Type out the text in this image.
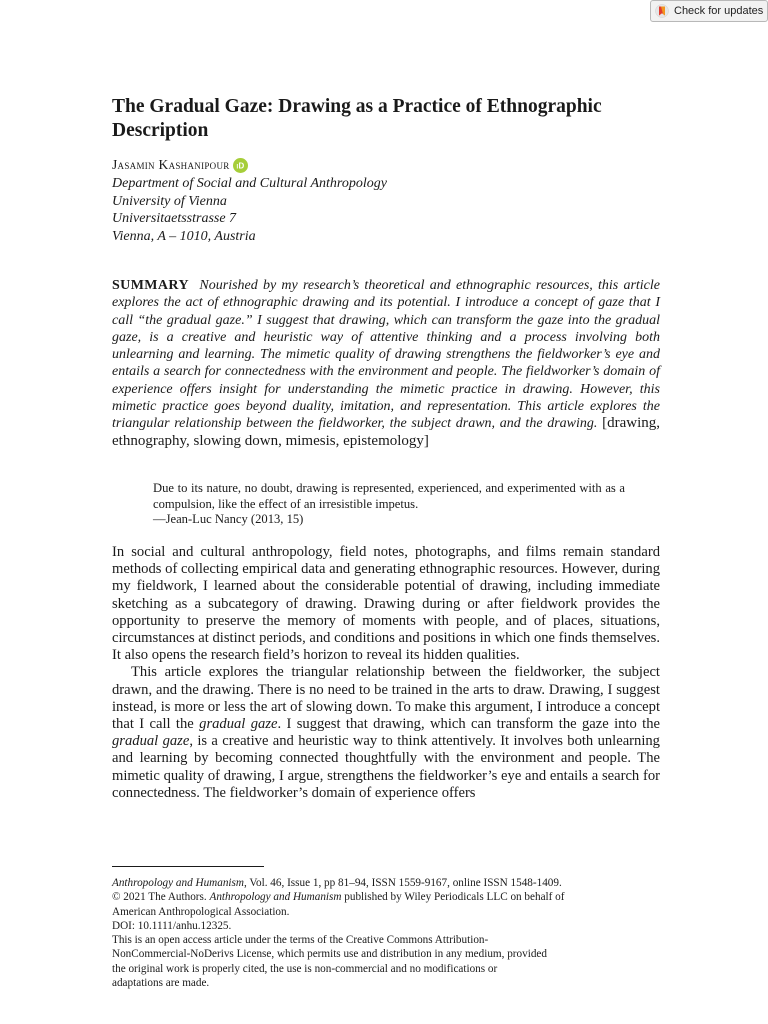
Check for updates
The Gradual Gaze: Drawing as a Practice of Ethnographic Description
Jasamin Kashanipour iD
Department of Social and Cultural Anthropology
University of Vienna
Universitaetsstrasse 7
Vienna, A – 1010, Austria

SUMMARY Nourished by my research’s theoretical and ethnographic resources, this article explores the act of ethnographic drawing and its potential. I introduce a concept of gaze that I call “the gradual gaze.” I suggest that drawing, which can transform the gaze into the gradual gaze, is a creative and heuristic way of attentive thinking and a process involving both unlearning and learning. The mimetic quality of drawing strengthens the fieldworker’s eye and entails a search for connectedness with the environment and people. The fieldworker’s domain of experience offers insight for understanding the mimetic practice in drawing. However, this mimetic practice goes beyond duality, imitation, and representation. This article explores the triangular relationship between the fieldworker, the subject drawn, and the drawing. [drawing, ethnography, slowing down, mimesis, epistemology]

Due to its nature, no doubt, drawing is represented, experienced, and experimented with as a compulsion, like the effect of an irresistible impetus.
—Jean-Luc Nancy (2013, 15)

In social and cultural anthropology, field notes, photographs, and films remain standard methods of collecting empirical data and generating ethnographic resources. However, during my fieldwork, I learned about the considerable potential of drawing, including immediate sketching as a subcategory of drawing. Drawing during or after fieldwork provides the opportunity to preserve the memory of moments with people, and of places, situations, circumstances at distinct periods, and conditions and positions in which one finds themselves. It also opens the research field’s horizon to reveal its hidden qualities.

This article explores the triangular relationship between the fieldworker, the subject drawn, and the drawing. There is no need to be trained in the arts to draw. Drawing, I suggest instead, is more or less the art of slowing down. To make this argument, I introduce a concept that I call the gradual gaze. I suggest that drawing, which can transform the gaze into the gradual gaze, is a creative and heuristic way to think attentively. It involves both unlearning and learning by becoming connected thoughtfully with the environment and people. The mimetic quality of drawing, I argue, strengthens the fieldworker’s eye and entails a search for connectedness. The fieldworker’s domain of experience offers

Anthropology and Humanism, Vol. 46, Issue 1, pp 81–94, ISSN 1559-9167, online ISSN 1548-1409.
© 2021 The Authors. Anthropology and Humanism published by Wiley Periodicals LLC on behalf of
American Anthropological Association.
DOI: 10.1111/anhu.12325.
This is an open access article under the terms of the Creative Commons Attribution-
NonCommercial-NoDerivs License, which permits use and distribution in any medium, provided
the original work is properly cited, the use is non-commercial and no modifications or
adaptations are made.
